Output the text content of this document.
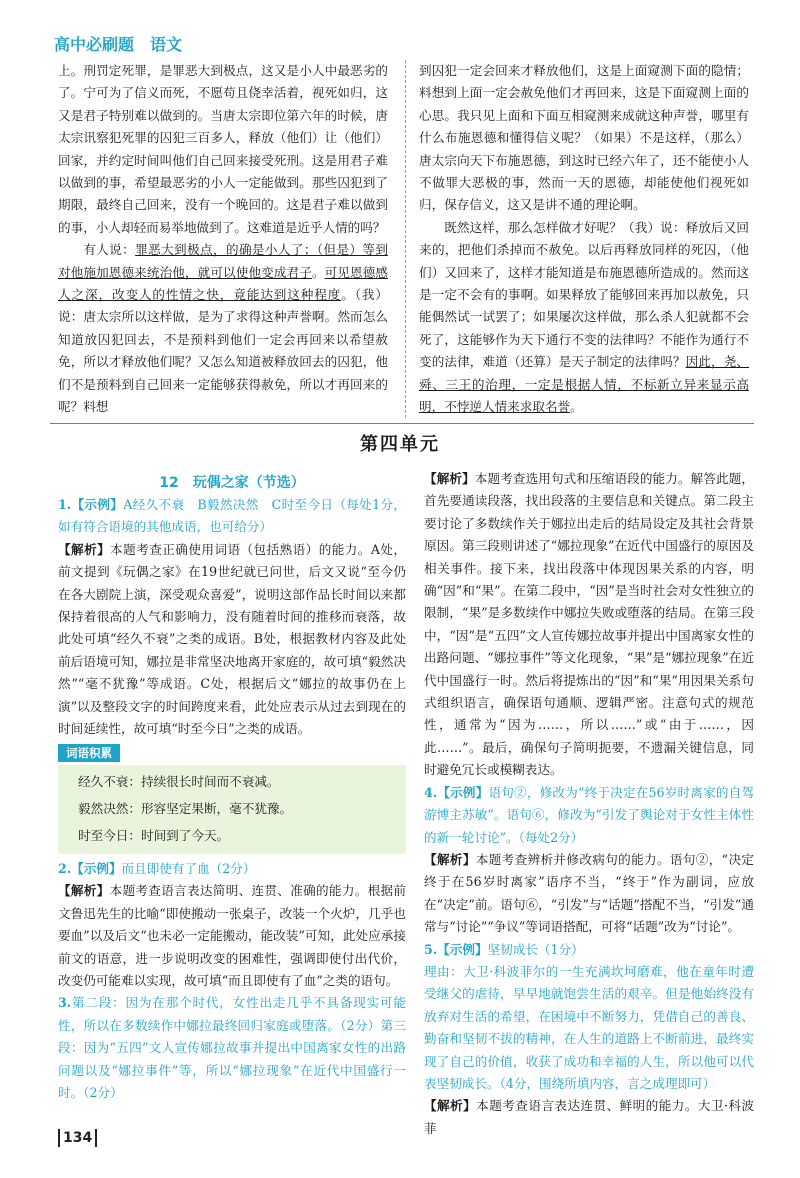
高中必刷题 语文

上。刑罚定死罪，是罪恶大到极点，这又是小人中最恶劣的了。宁可为了信义而死，不愿苟且侥幸活着，视死如归，这又是君子特别难以做到的。当唐太宗即位第六年的时候，唐太宗讯察犯死罪的囚犯三百多人，释放（他们）让（他们）回家，并约定时间叫他们自己回来接受死刑。这是用君子难以做到的事，希望最恶劣的小人一定能做到。那些囚犯到了期限，最终自己回来，没有一个晚回的。这是君子难以做到的事，小人却轻而易举地做到了。这难道是近乎人情的吗？

有人说：罪恶大到极点，的确是小人了；（但是）等到对他施加恩德来统治他，就可以使他变成君子。可见恩德感人之深，改变人的性情之快，竟能达到这种程度。（我）说：唐太宗所以这样做，是为了求得这种声誉啊。然而怎么知道放囚犯回去，不是预料到他们一定会再回来以希望赦免，所以才释放他们呢？又怎么知道被释放回去的囚犯，他们不是预料到自己回来一定能够获得赦免，所以才再回来的呢？料想

到囚犯一定会回来才释放他们，这是上面窥测下面的隐情；料想到上面一定会赦免他们才再回来，这是下面窥测上面的心思。我只见上面和下面互相窥测来成就这种声誉，哪里有什么布施恩德和懂得信义呢？（如果）不是这样，（那么）唐太宗向天下布施恩德，到这时已经六年了，还不能使小人不做罪大恶极的事，然而一天的恩德，却能使他们视死如归，保存信义，这又是讲不通的理论啊。

既然这样，那么怎样做才好呢？（我）说：释放后又回来的，把他们杀掉而不赦免。以后再释放同样的死囚，（他们）又回来了，这样才能知道是布施恩德所造成的。然而这是一定不会有的事啊。如果释放了能够回来再加以赦免，只能偶然试一试罢了；如果屡次这样做，那么杀人犯就都不会死了，这能够作为天下通行不变的法律吗？不能作为通行不变的法律，难道（还算）是天子制定的法律吗？因此，尧、舜、三王的治理，一定是根据人情，不标新立异来显示高明，不悖逆人情来求取名誉。

第四单元
12　玩偶之家（节选）

1.【示例】A经久不衰　B毅然决然　C时至今日（每处1分，如有符合语境的其他成语，也可给分）

【解析】本题考查正确使用词语（包括熟语）的能力。A处，前文提到《玩偶之家》在19世纪就已问世，后文又说“至今仍在各大剧院上演，深受观众喜爱”，说明这部作品长时间以来都保持着很高的人气和影响力，没有随着时间的推移而衰落，故此处可填“经久不衰”之类的成语。B处，根据教材内容及此处前后语境可知，娜拉是非常坚决地离开家庭的，故可填“毅然决然”“毫不犹豫”等成语。C处，根据后文“娜拉的故事仍在上演”以及整段文字的时间跨度来看，此处应表示从过去到现在的时间延续性，故可填“时至今日”之类的成语。

词语积累

经久不衰：持续很长时间而不衰减。

毅然决然：形容坚定果断，毫不犹豫。

时至今日：时间到了今天。

2.【示例】而且即使有了血（2分）

【解析】本题考查语言表达简明、连贯、准确的能力。根据前文鲁迅先生的比喻“即使搬动一张桌子，改装一个火炉，几乎也要血”以及后文“也未必一定能搬动，能改装”可知，此处应承接前文的语意，进一步说明改变的困难性，强调即使付出代价，改变仍可能难以实现，故可填“而且即使有了血”之类的语句。

3.第二段：因为在那个时代，女性出走几乎不具备现实可能性，所以在多数续作中娜拉最终回归家庭或堕落。（2分）第三段：因为“五四”文人宣传娜拉故事并提出中国离家女性的出路问题以及“娜拉事件”等，所以“娜拉现象”在近代中国盛行一时。（2分）

【解析】本题考查选用句式和压缩语段的能力。解答此题，首先要通读段落，找出段落的主要信息和关键点。第二段主要讨论了多数续作关于娜拉出走后的结局设定及其社会背景原因。第三段则讲述了“娜拉现象”在近代中国盛行的原因及相关事件。接下来，找出段落中体现因果关系的内容，明确“因”和“果”。在第二段中，“因”是当时社会对女性独立的限制，“果”是多数续作中娜拉失败或堕落的结局。在第三段中，“因”是“五四”文人宣传娜拉故事并提出中国离家女性的出路问题、“娜拉事件”等文化现象，“果”是“娜拉现象”在近代中国盛行一时。然后将提炼出的“因”和“果”用因果关系句式组织语言，确保语句通顺、逻辑严密。注意句式的规范性，通常为“因为……，所以……”或“由于……，因此……”。最后，确保句子简明扼要，不遗漏关键信息，同时避免冗长或模糊表达。

4.【示例】语句②，修改为“终于决定在56岁时离家的自驾游博主苏敏”。语句⑥，修改为“引发了舆论对于女性主体性的新一轮讨论”。（每处2分）

【解析】本题考查辨析并修改病句的能力。语句②，“决定终于在56岁时离家”语序不当，“终于”作为副词，应放在“决定”前。语句⑥，“引发”与“话题”搭配不当，“引发”通常与“讨论”“争议”等词语搭配，可将“话题”改为“讨论”。

5.【示例】坚韧成长（1分）

理由：大卫·科波菲尔的一生充满坎坷磨难，他在童年时遭受继父的虐待，早早地就饱尝生活的艰辛。但是他始终没有放弃对生活的希望，在困境中不断努力，凭借自己的善良、勤奋和坚韧不拔的精神，在人生的道路上不断前进，最终实现了自己的价值，收获了成功和幸福的人生，所以他可以代表坚韧成长。（4分，围绕所填内容，言之成理即可）

【解析】本题考查语言表达连贯、鲜明的能力。大卫·科波菲

134
